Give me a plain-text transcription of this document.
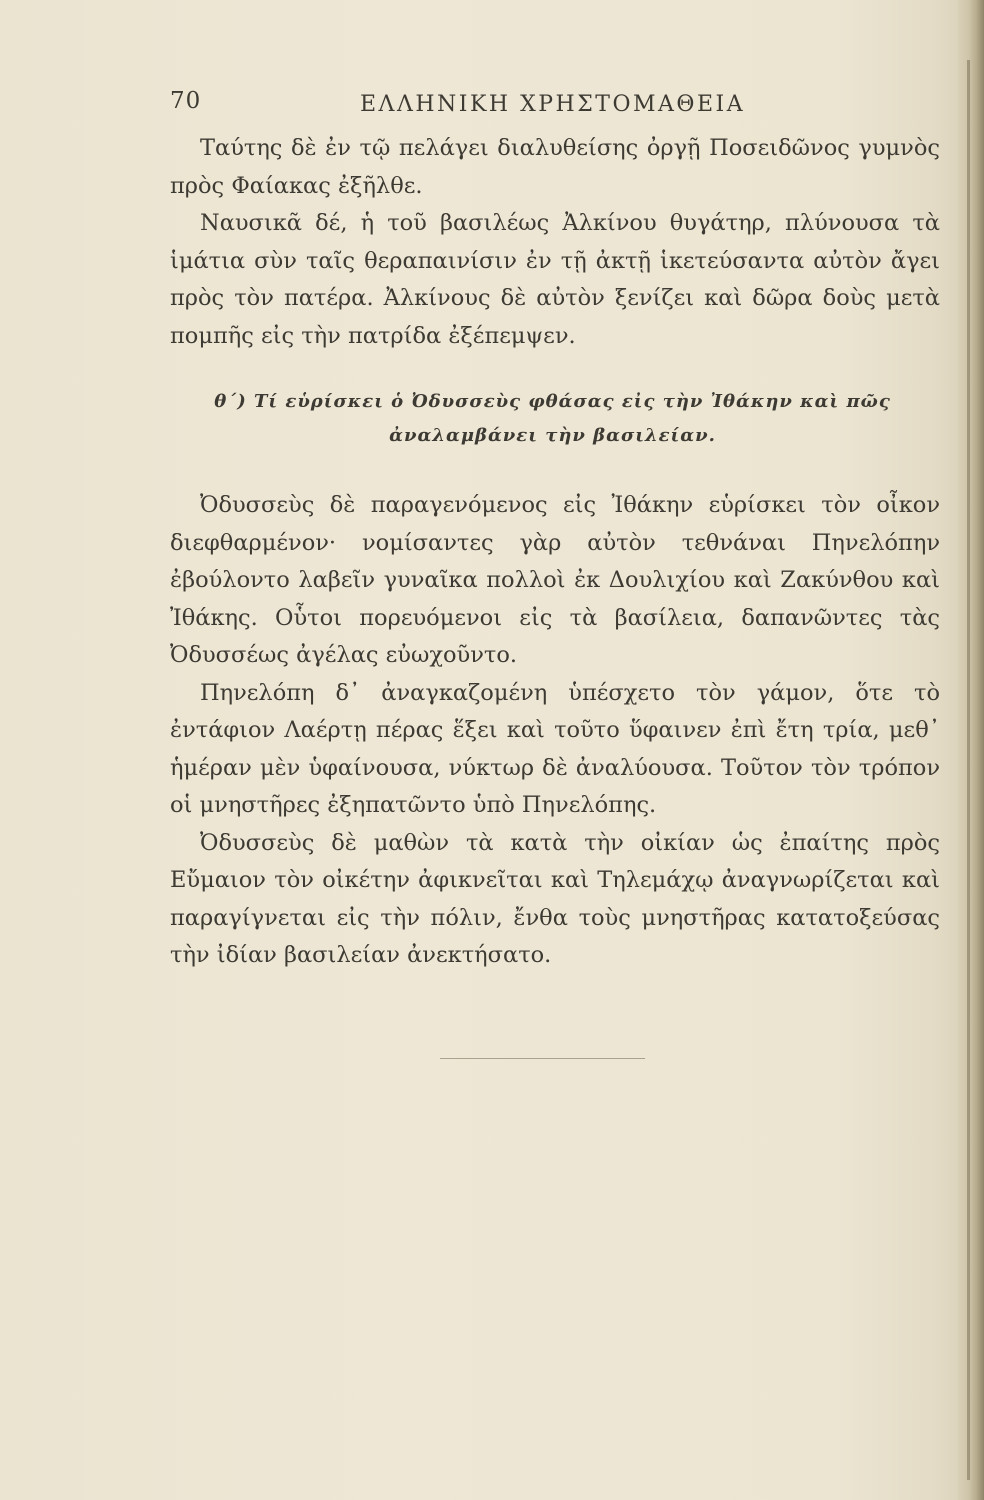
70	ΕΛΛΗΝΙΚΗ ΧΡΗΣΤΟΜΑΘΕΙΑ

Ταύτης δὲ ἐν τῷ πελάγει διαλυθείσης ὀργῇ Ποσειδῶνος γυμνὸς πρὸς Φαίακας ἐξῆλθε.

Ναυσικᾶ δέ, ἡ τοῦ βασιλέως Ἀλκίνου θυγάτηρ, πλύνουσα τὰ ἱμάτια σὺν ταῖς θεραπαινίσιν ἐν τῇ ἀκτῇ ἱκετεύσαντα αὐτὸν ἄγει πρὸς τὸν πατέρα. Ἀλκίνους δὲ αὐτὸν ξενίζει καὶ δῶρα δοὺς μετὰ πομπῆς εἰς τὴν πατρίδα ἐξέπεμψεν.

θ΄) Τί εὑρίσκει ὁ Ὀδυσσεὺς φθάσας εἰς τὴν Ἰθάκην καὶ πῶς ἀναλαμβάνει τὴν βασιλείαν.

Ὀδυσσεὺς δὲ παραγενόμενος εἰς Ἰθάκην εὑρίσκει τὸν οἶκον διεφθαρμένον· νομίσαντες γὰρ αὐτὸν τεθνάναι Πηνελόπην ἐβούλοντο λαβεῖν γυναῖκα πολλοὶ ἐκ Δουλιχίου καὶ Ζακύνθου καὶ Ἰθάκης. Οὗτοι πορευόμενοι εἰς τὰ βασίλεια, δαπανῶντες τὰς Ὀδυσσέως ἀγέλας εὐωχοῦντο.

Πηνελόπη δ᾽ ἀναγκαζομένη ὑπέσχετο τὸν γάμον, ὅτε τὸ ἐντάφιον Λαέρτῃ πέρας ἕξει καὶ τοῦτο ὕφαινεν ἐπὶ ἔτη τρία, μεθ᾽ ἡμέραν μὲν ὑφαίνουσα, νύκτωρ δὲ ἀναλύουσα. Τοῦτον τὸν τρόπον οἱ μνηστῆρες ἐξηπατῶντο ὑπὸ Πηνελόπης.

Ὀδυσσεὺς δὲ μαθὼν τὰ κατὰ τὴν οἰκίαν ὡς ἐπαίτης πρὸς Εὔμαιον τὸν οἰκέτην ἀφικνεῖται καὶ Τηλεμάχῳ ἀναγνωρίζεται καὶ παραγίγνεται εἰς τὴν πόλιν, ἔνθα τοὺς μνηστῆρας κατατοξεύσας τὴν ἰδίαν βασιλείαν ἀνεκτήσατο.
